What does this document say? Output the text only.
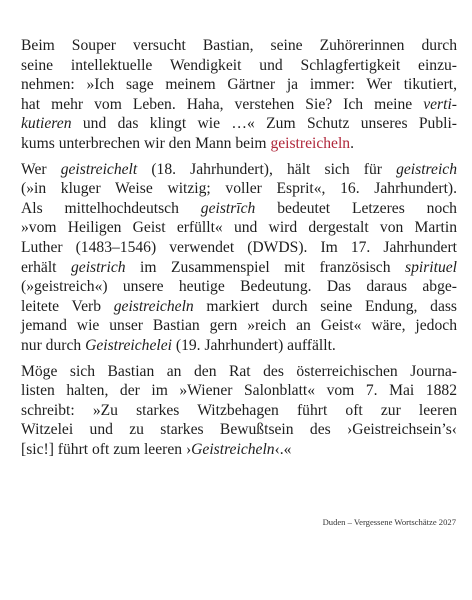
Beim Souper versucht Bastian, seine Zuhörerinnen durch
seine intellektuelle Wendigkeit und Schlagfertigkeit einzu-
nehmen: »Ich sage meinem Gärtner ja immer: Wer tikutiert,
hat mehr vom Leben. Haha, verstehen Sie? Ich meine verti-
kutieren und das klingt wie …« Zum Schutz unseres Publi-
kums unterbrechen wir den Mann beim geistreicheln.

Wer geistreichelt (18. Jahrhundert), hält sich für geistreich
(»in kluger Weise witzig; voller Esprit«, 16. Jahrhundert).
Als mittelhochdeutsch geistrīch bedeutet Letzeres noch
»vom Heiligen Geist erfüllt« und wird dergestalt von Martin
Luther (1483–1546) verwendet (DWDS). Im 17. Jahrhundert
erhält geistrich im Zusammenspiel mit französisch spirituel
(»geistreich«) unsere heutige Bedeutung. Das daraus abge-
leitete Verb geistreicheln markiert durch seine Endung, dass
jemand wie unser Bastian gern »reich an Geist« wäre, jedoch
nur durch Geistreichelei (19. Jahrhundert) auffällt.

Möge sich Bastian an den Rat des österreichischen Journa-
listen halten, der im »Wiener Salonblatt« vom 7. Mai 1882
schreibt: »Zu starkes Witzbehagen führt oft zur leeren
Witzelei und zu starkes Bewußtsein des ›Geistreichsein’s‹
[sic!] führt oft zum leeren ›Geistreicheln‹.«

Duden – Vergessene Wortschätze 2027
